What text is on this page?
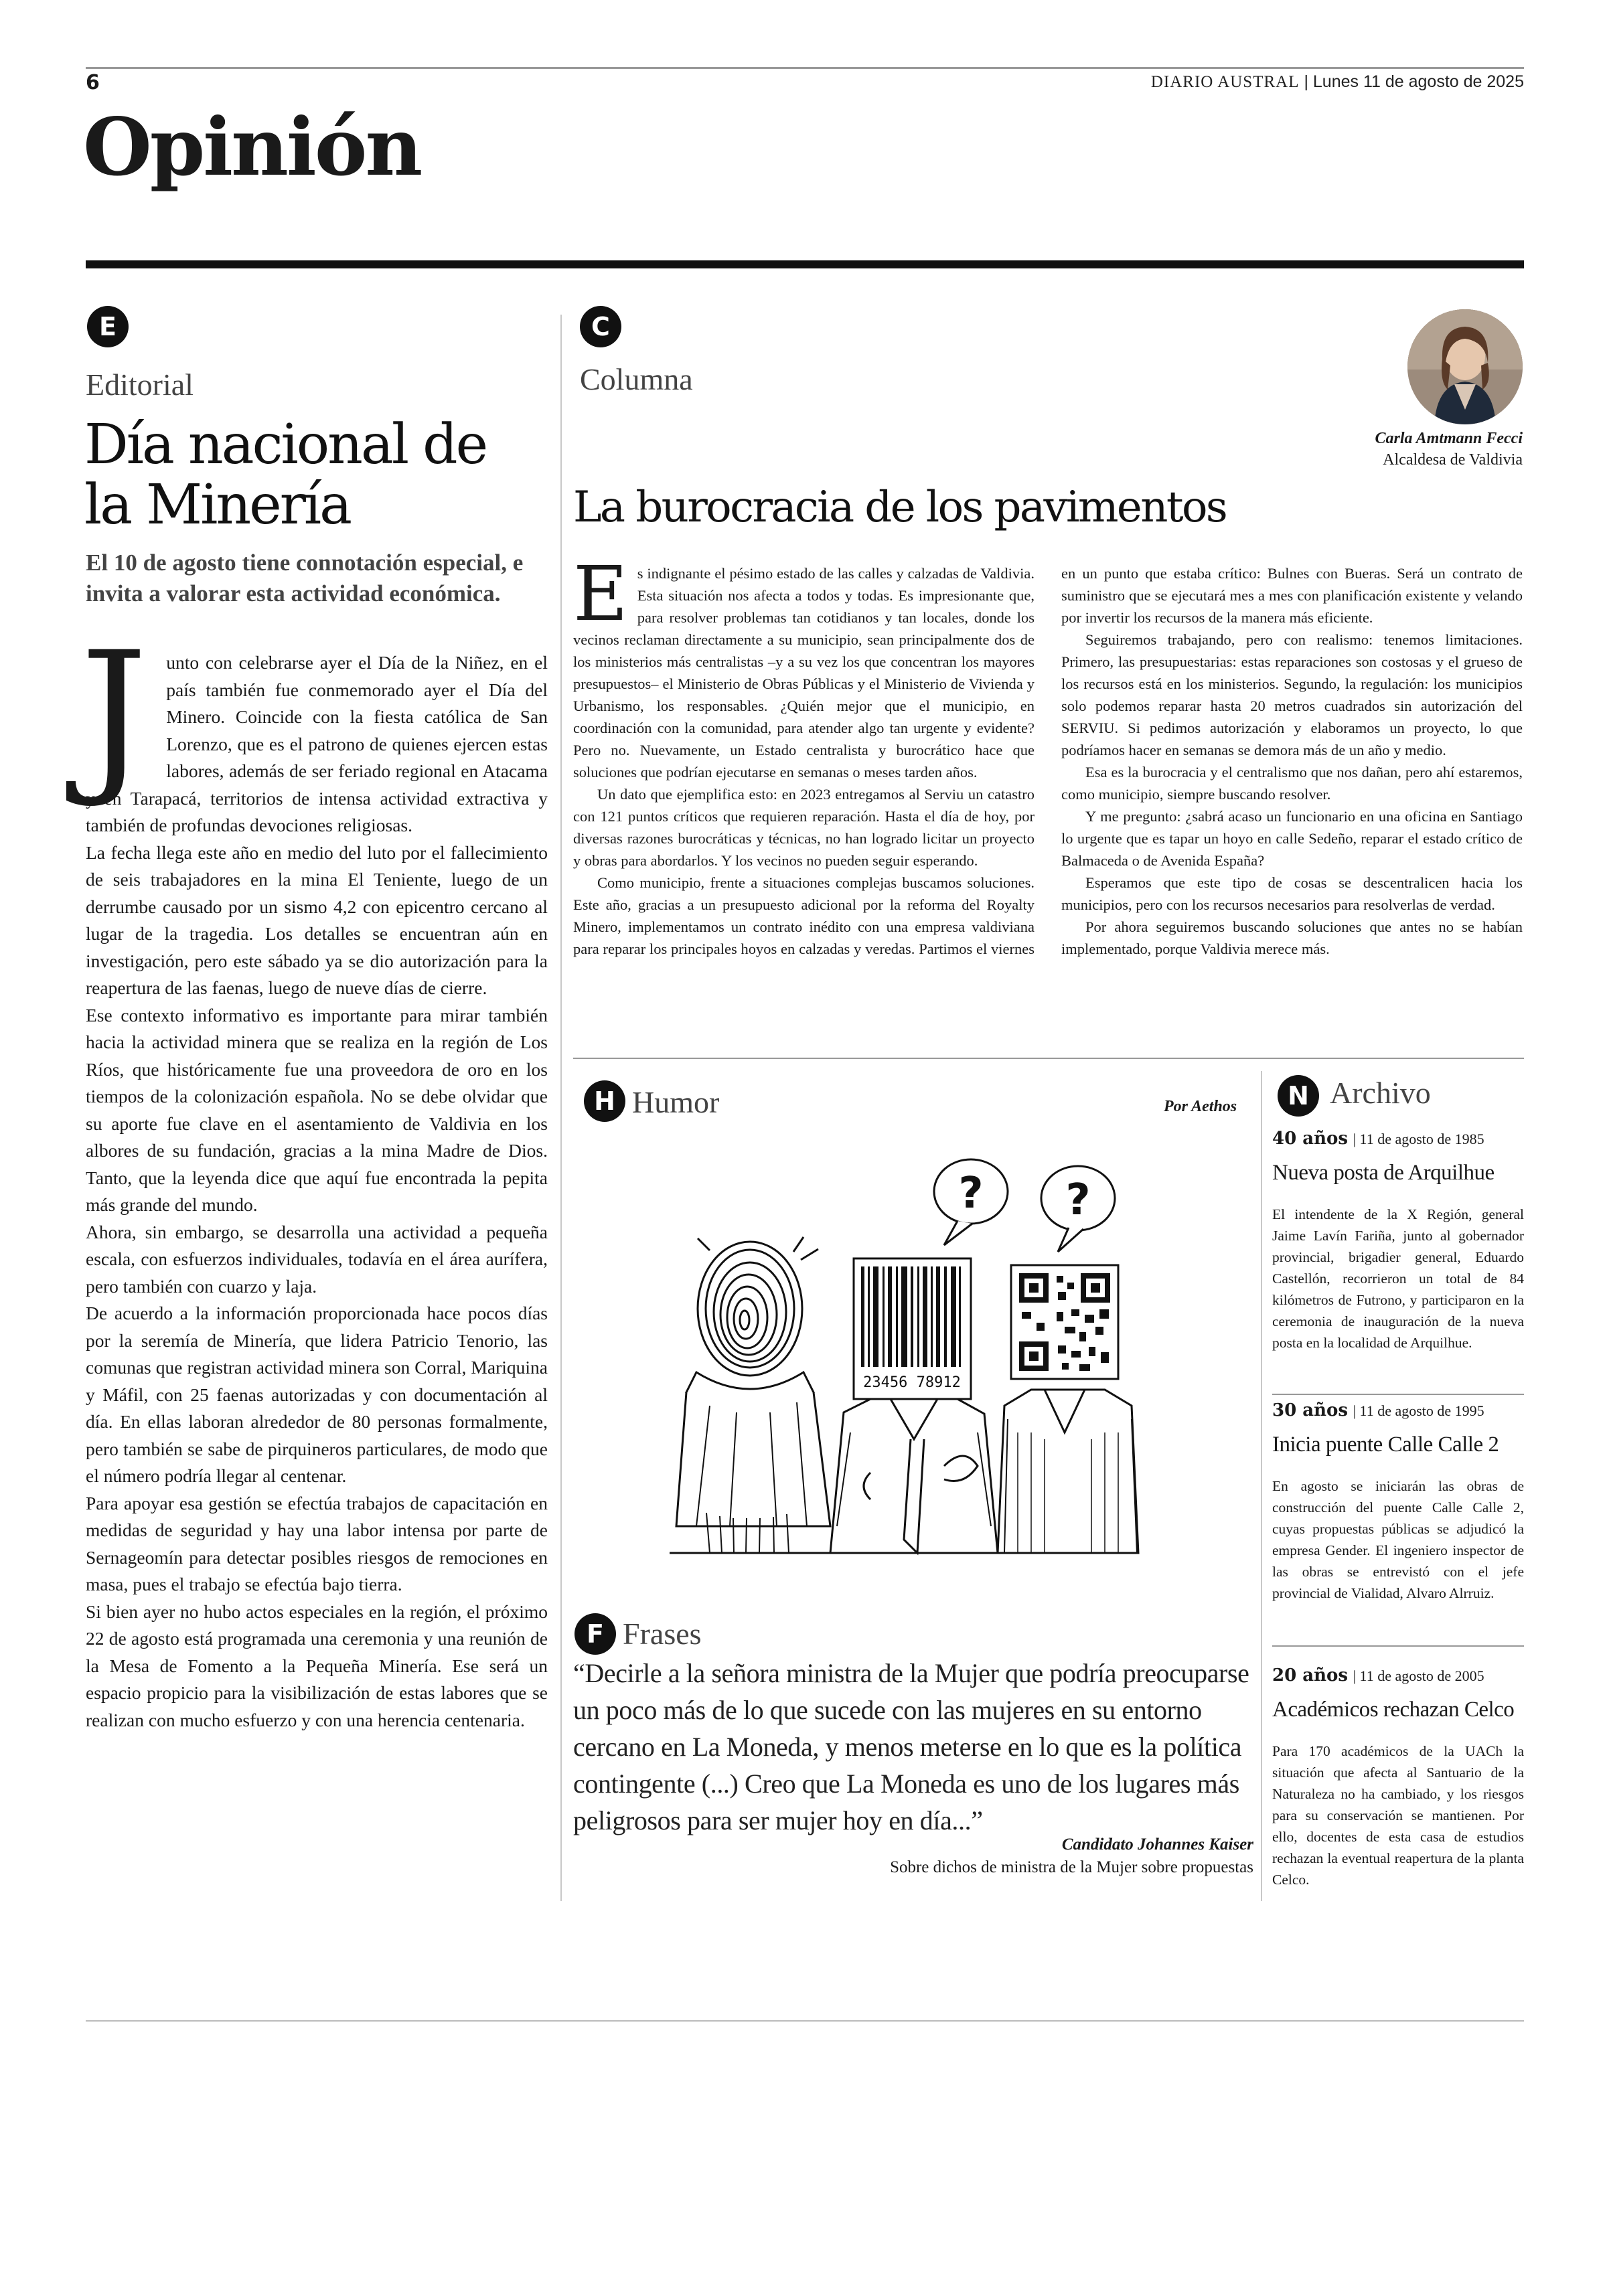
6	DIARIO AUSTRAL | Lunes 11 de agosto de 2025
Opinión
E
Editorial
Día nacional de
la Minería
El 10 de agosto tiene connotación especial, e invita a valorar esta actividad económica.

J unto con celebrarse ayer el Día de la Niñez, en el país también fue conmemorado ayer el Día del Minero. Coincide con la fiesta católica de San Lorenzo, que es el patrono de quienes ejercen estas labores, además de ser feriado regional en Atacama y en Tarapacá, territorios de intensa actividad extractiva y también de profundas devociones religiosas.

La fecha llega este año en medio del luto por el fallecimiento de seis trabajadores en la mina El Teniente, luego de un derrumbe causado por un sismo 4,2 con epicentro cercano al lugar de la tragedia. Los detalles se encuentran aún en investigación, pero este sábado ya se dio autorización para la reapertura de las faenas, luego de nueve días de cierre.

Ese contexto informativo es importante para mirar también hacia la actividad minera que se realiza en la región de Los Ríos, que históricamente fue una proveedora de oro en los tiempos de la colonización española. No se debe olvidar que su aporte fue clave en el asentamiento de Valdivia en los albores de su fundación, gracias a la mina Madre de Dios. Tanto, que la leyenda dice que aquí fue encontrada la pepita más grande del mundo.

Ahora, sin embargo, se desarrolla una actividad a pequeña escala, con esfuerzos individuales, todavía en el área aurífera, pero también con cuarzo y laja.

De acuerdo a la información proporcionada hace pocos días por la seremía de Minería, que lidera Patricio Tenorio, las comunas que registran actividad minera son Corral, Mariquina y Máfil, con 25 faenas autorizadas y con documentación al día. En ellas laboran alrededor de 80 personas formalmente, pero también se sabe de pirquineros particulares, de modo que el número podría llegar al centenar.

Para apoyar esa gestión se efectúa trabajos de capacitación en medidas de seguridad y hay una labor intensa por parte de Sernageomín para detectar posibles riesgos de remociones en masa, pues el trabajo se efectúa bajo tierra.

Si bien ayer no hubo actos especiales en la región, el próximo 22 de agosto está programada una ceremonia y una reunión de la Mesa de Fomento a la Pequeña Minería. Ese será un espacio propicio para la visibilización de estas labores que se realizan con mucho esfuerzo y con una herencia centenaria.

C
Columna
Carla Amtmann Fecci
Alcaldesa de Valdivia
La burocracia de los pavimentos

Es indignante el pésimo estado de las calles y calzadas de Valdivia. Esta situación nos afecta a todos y todas. Es impresionante que, para resolver problemas tan cotidianos y tan locales, donde los vecinos reclaman directamente a su municipio, sean principalmente dos de los ministerios más centralistas –y a su vez los que concentran los mayores presupuestos– el Ministerio de Obras Públicas y el Ministerio de Vivienda y Urbanismo, los responsables. ¿Quién mejor que el municipio, en coordinación con la comunidad, para atender algo tan urgente y evidente? Pero no. Nuevamente, un Estado centralista y burocrático hace que soluciones que podrían ejecutarse en semanas o meses tarden años.

Un dato que ejemplifica esto: en 2023 entregamos al Serviu un catastro con 121 puntos críticos que requieren reparación. Hasta el día de hoy, por diversas razones burocráticas y técnicas, no han logrado licitar un proyecto y obras para abordarlos. Y los vecinos no pueden seguir esperando.

Como municipio, frente a situaciones complejas buscamos soluciones. Este año, gracias a un presupuesto adicional por la reforma del Royalty Minero, implementamos un contrato inédito con una empresa valdiviana para reparar los principales hoyos en calzadas y veredas. Partimos el viernes en un punto que estaba crítico: Bulnes con Bueras. Será un contrato de suministro que se ejecutará mes a mes con planificación existente y velando por invertir los recursos de la manera más eficiente.

Seguiremos trabajando, pero con realismo: tenemos limitaciones. Primero, las presupuestarias: estas reparaciones son costosas y el grueso de los recursos está en los ministerios. Segundo, la regulación: los municipios solo podemos reparar hasta 20 metros cuadrados sin autorización del SERVIU. Si pedimos autorización y elaboramos un proyecto, lo que podríamos hacer en semanas se demora más de un año y medio.

Esa es la burocracia y el centralismo que nos dañan, pero ahí estaremos, como municipio, siempre buscando resolver.

Y me pregunto: ¿sabrá acaso un funcionario en una oficina en Santiago lo urgente que es tapar un hoyo en calle Sedeño, reparar el estado crítico de Balmaceda o de Avenida España?

Esperamos que este tipo de cosas se descentralicen hacia los municipios, pero con los recursos necesarios para resolverlas de verdad.

Por ahora seguiremos buscando soluciones que antes no se habían implementado, porque Valdivia merece más.

H Humor	Por Aethos
23456 78912
? ?
F Frases
“Decirle a la señora ministra de la Mujer que podría preocuparse un poco más de lo que sucede con las mujeres en su entorno cercano en La Moneda, y menos meterse en lo que es la política contingente (...) Creo que La Moneda es uno de los lugares más peligrosos para ser mujer hoy en día...”
Candidato Johannes Kaiser
Sobre dichos de ministra de la Mujer sobre propuestas
N Archivo
40 años | 11 de agosto de 1985
Nueva posta de Arquilhue
El intendente de la X Región, general Jaime Lavín Fariña, junto al gobernador provincial, brigadier general, Eduardo Castellón, recorrieron un total de 84 kilómetros de Futrono, y participaron en la ceremonia de inauguración de la nueva posta en la localidad de Arquilhue.
30 años | 11 de agosto de 1995
Inicia puente Calle Calle 2
En agosto se iniciarán las obras de construcción del puente Calle Calle 2, cuyas propuestas públicas se adjudicó la empresa Gender. El ingeniero inspector de las obras se entrevistó con el jefe provincial de Vialidad, Alvaro Alrruiz.
20 años | 11 de agosto de 2005
Académicos rechazan Celco
Para 170 académicos de la UACh la situación que afecta al Santuario de la Naturaleza no ha cambiado, y los riesgos para su conservación se mantienen. Por ello, docentes de esta casa de estudios rechazan la eventual reapertura de la planta Celco.
